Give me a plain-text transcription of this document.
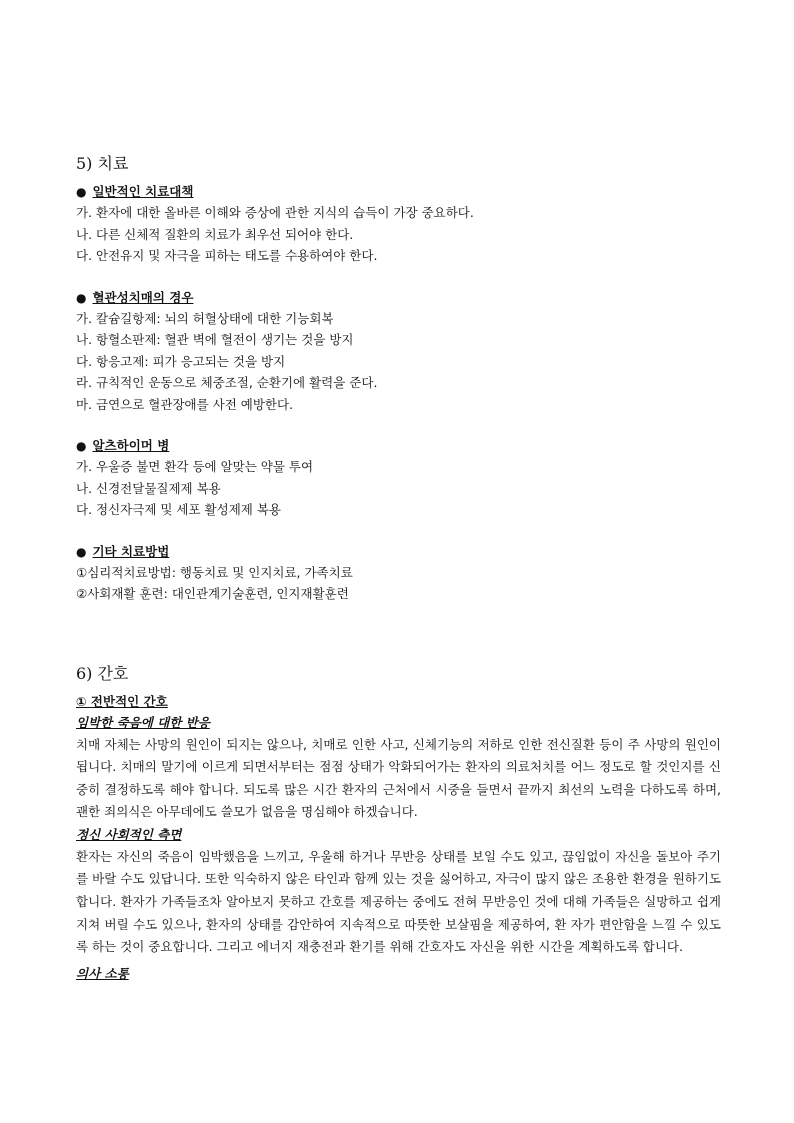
5) 치료

● 일반적인 치료대책

가. 환자에 대한 올바른 이해와 증상에 관한 지식의 습득이 가장 중요하다.
나. 다른 신체적 질환의 치료가 최우선 되어야 한다.
다. 안전유지 및 자극을 피하는 태도를 수용하여야 한다.

● 혈관성치매의 경우

가. 칼슘길항제: 뇌의 허혈상태에 대한 기능회복
나. 항혈소판제: 혈관 벽에 혈전이 생기는 것을 방지
다. 항응고제: 피가 응고되는 것을 방지
라. 규칙적인 운동으로 체중조절, 순환기에 활력을 준다.
마. 금연으로 혈관장애를 사전 예방한다.

● 알츠하이머 병

가. 우울증 불면 환각 등에 알맞는 약물 투여
나. 신경전달물질제제 복용
다. 정신자극제 및 세포 활성제제 복용

● 기타 치료방법

①심리적치료방법: 행동치료 및 인지치료, 가족치료
②사회재활 훈련: 대인관계기술훈련, 인지재활훈련
6) 간호

① 전반적인 간호

임박한 죽음에 대한 반응

치매 자체는 사망의 원인이 되지는 않으나, 치매로 인한 사고, 신체기능의 저하로 인한 전신질환 등이 주 사망의 원인이 됩니다. 치매의 말기에 이르게 되면서부터는 점점 상태가 악화되어가는 환자의 의료처치를 어느 정도로 할 것인지를 신중히 결정하도록 해야 합니다. 되도록 많은 시간 환자의 근처에서 시중을 들면서 끝까지 최선의 노력을 다하도록 하며, 괜한 죄의식은 아무데에도 쓸모가 없음을 명심해야 하겠습니다.

정신 사회적인 측면

환자는 자신의 죽음이 임박했음을 느끼고, 우울해 하거나 무반응 상태를 보일 수도 있고, 끊임없이 자신을 돌보아 주기를 바랄 수도 있답니다. 또한 익숙하지 않은 타인과 함께 있는 것을 싫어하고, 자극이 많지 않은 조용한 환경을 원하기도 합니다. 환자가 가족들조차 알아보지 못하고 간호를 제공하는 중에도 전혀 무반응인 것에 대해 가족들은 실망하고 쉽게 지쳐 버릴 수도 있으나, 환자의 상태를 감안하여 지속적으로 따뜻한 보살핌을 제공하여, 환 자가 편안함을 느낄 수 있도록 하는 것이 중요합니다. 그리고 에너지 재충전과 환기를 위해 간호자도 자신을 위한 시간을 계획하도록 합니다.

의사 소통
